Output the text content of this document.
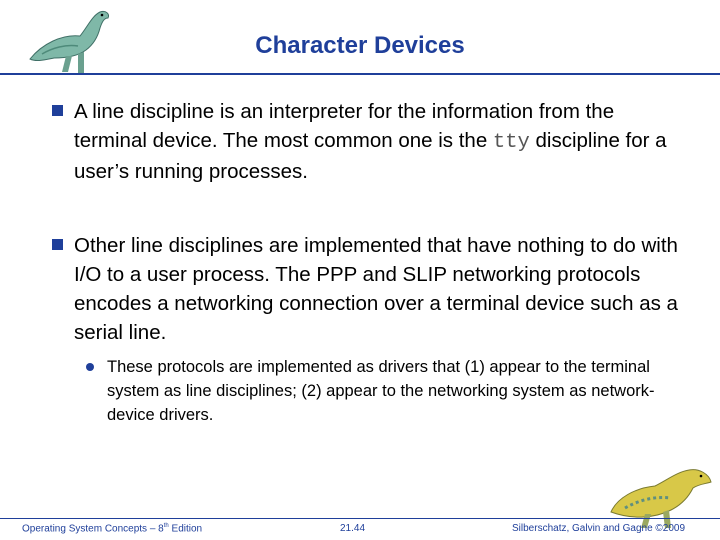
Character Devices
A line discipline is an interpreter for the information from the terminal device. The most common one is the tty discipline for a user’s running processes.
Other line disciplines are implemented that have nothing to do with I/O to a user process. The PPP and SLIP networking protocols encodes a networking connection over a terminal device such as a serial line.
These protocols are implemented as drivers that (1) appear to the terminal system as line disciplines; (2) appear to the networking system as network-device drivers.
Operating System Concepts – 8th Edition	21.44	Silberschatz, Galvin and Gagne ©2009
